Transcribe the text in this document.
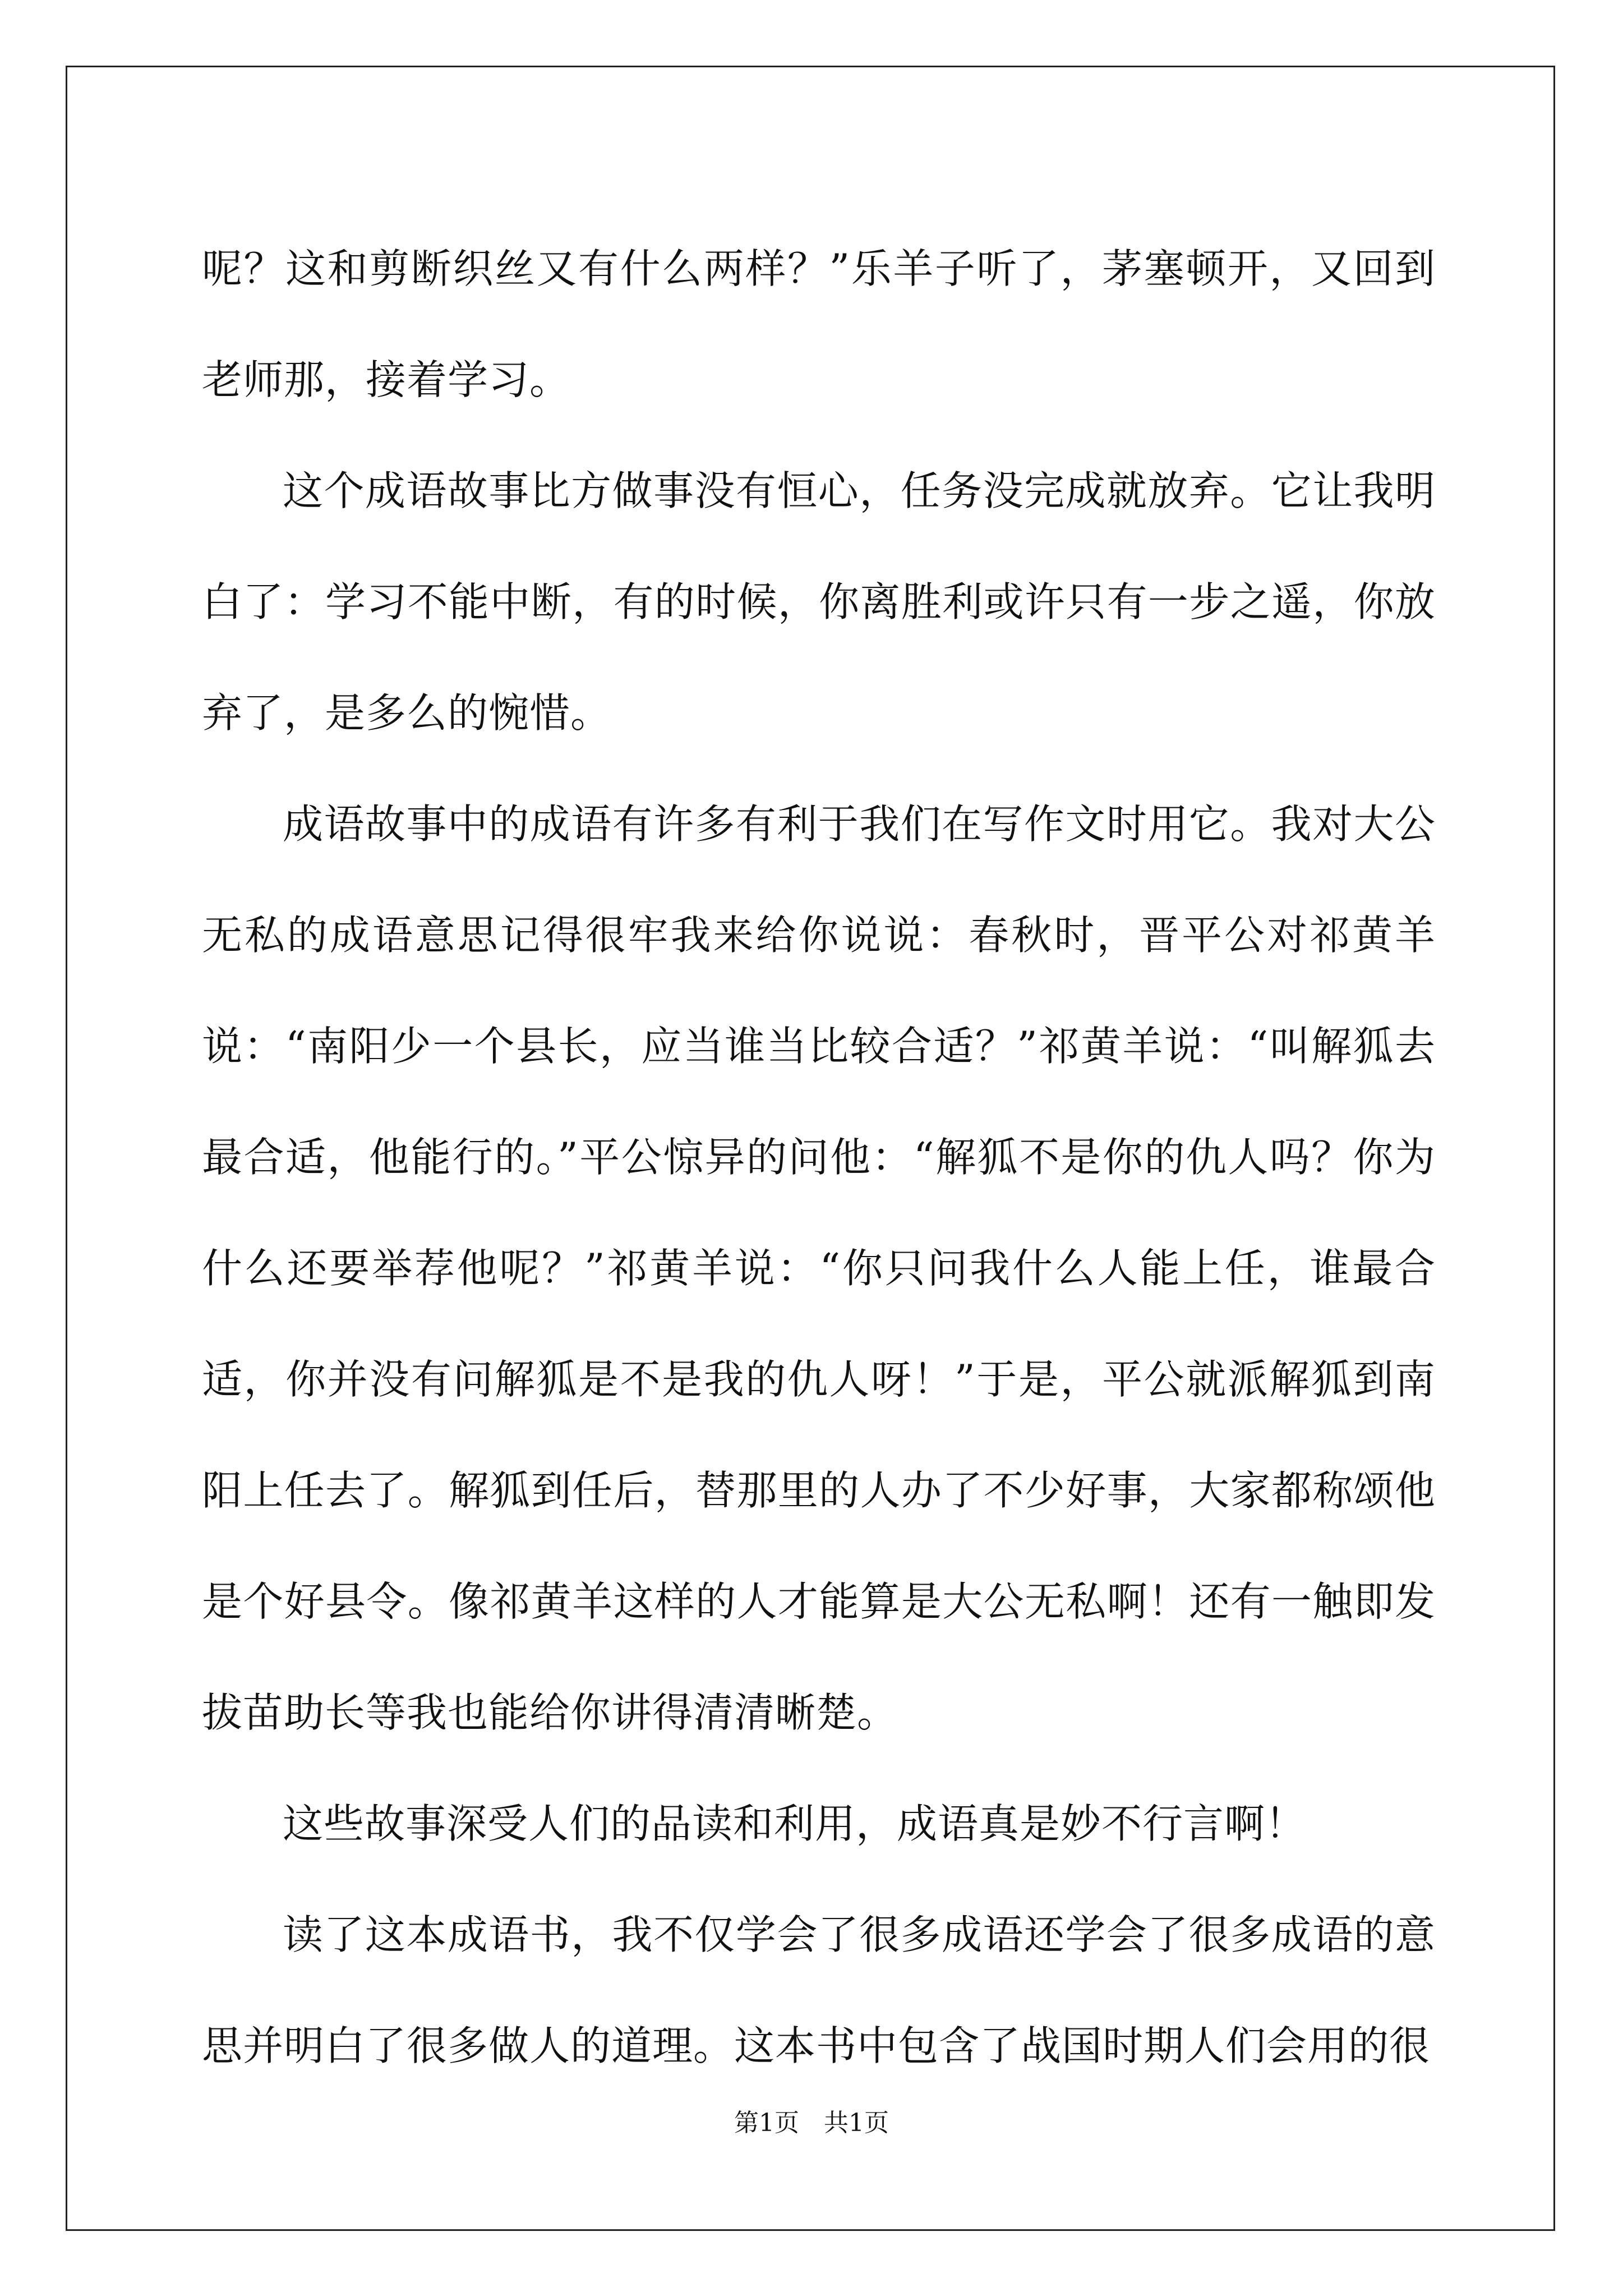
呢？这和剪断织丝又有什么两样？”乐羊子听了，茅塞顿开，又回到老师那，接着学习。

这个成语故事比方做事没有恒心，任务没完成就放弃。它让我明白了：学习不能中断，有的时候，你离胜利或许只有一步之遥，你放弃了，是多么的惋惜。

成语故事中的成语有许多有利于我们在写作文时用它。我对大公无私的成语意思记得很牢我来给你说说：春秋时，晋平公对祁黄羊说：“南阳少一个县长，应当谁当比较合适？”祁黄羊说：“叫解狐去最合适，他能行的。”平公惊异的问他：“解狐不是你的仇人吗？你为什么还要举荐他呢？”祁黄羊说：“你只问我什么人能上任，谁最合适，你并没有问解狐是不是我的仇人呀！”于是，平公就派解狐到南阳上任去了。解狐到任后，替那里的人办了不少好事，大家都称颂他是个好县令。像祁黄羊这样的人才能算是大公无私啊！还有一触即发拔苗助长等我也能给你讲得清清晰楚。

这些故事深受人们的品读和利用，成语真是妙不行言啊！

读了这本成语书，我不仅学会了很多成语还学会了很多成语的意思并明白了很多做人的道理。这本书中包含了战国时期人们会用的很

第1页　共1页
